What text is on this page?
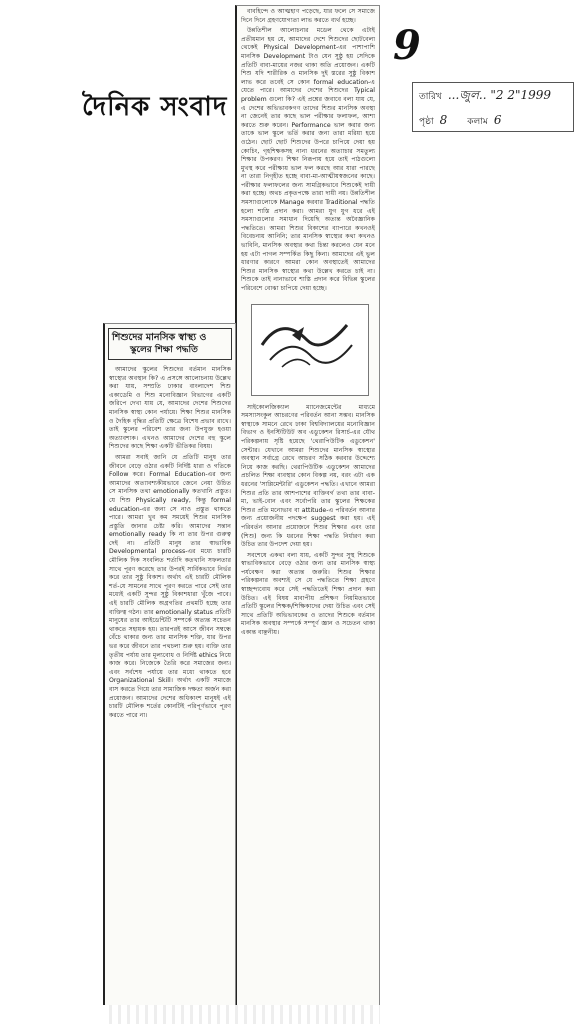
9
দৈনিক সংবাদ	তারিখ ...জুল.. "2 2"1999
পৃষ্ঠা 8 কলাম 6

বাবহিন্দে ও আত্মহাণ পড়েছে, যার ফলে সে সমাজে দিনে দিনে গ্রহণযোগ্যতা লাভ করতে ব্যর্থ হচ্ছে।

উন্নতিশীল আলোচনার মডেল থেকে এটাই প্রতীয়মান হয় যে, আমাদের দেশে শিশুদের ছোটবেলা থেকেই Physical Development-এর পাশাপাশি মানসিক Development টাও যেন সুষ্ঠু হয় সেদিকে প্রতিটি বাবা-মায়ের নজর থাকা অতি প্রয়োজন। একটি শিশু যদি শারীরিক ও মানসিক দুই স্তরের সুষ্ঠু বিকাশ লাভ করে তবেই সে কোন formal education-এ যেতে পারে। আমাদের দেশের শিশুদের Typical problem গুলো কি? এই প্রশ্নের জবাবে বলা যায় যে, এ দেশের অভিভাবকগণ তাদের শিশুর মানসিক অবস্থা না জেনেই তার কাছে ভাল পরীক্ষার ফলাফল, আশা করতে শুরু করেন। Performance ভাল করার জন্য তাকে ভাল স্কুলে ভর্তি করার জন্য তারা মরিয়া হয়ে ওঠেন। ছোট ছোট শিশুদের উপরে চাপিয়ে দেয়া হয় কোচিং, গৃহশিক্ষকসহ নানা ধরনের অত্যাচার সমতুল্য শিক্ষার উপকরণ। শিক্ষা নিরূপায় হয়ে তাই পাঠগুলো মুখস্থ করে পরীক্ষায় ভাল ফল করছে আর যারা পারছে না তারা নিগৃহীত হচ্ছে বাবা-মা-আত্মীয়স্বজনের কাছে। পরীক্ষার ফলাফলের জন্য সামগ্রিকভাবে শিশুকেই দায়ী করা হচ্ছে। অথচ প্রকৃতপক্ষে তারা দায়ী নয়। উন্নতিশীল সমস্যাগুলোকে Manage করবার Traditional পদ্ধতি হলো শাস্তি প্রদান করা। আমরা যুগ যুগ ধরে এই সমস্যাগুলোর সমাধান দিয়েছি অত্যন্ত অবৈজ্ঞানিক পদ্ধতিতে। আমরা শিশুর বিকাশের ব্যাপারে কখনওই বিবেচনায় আনিনি; তার মানসিক স্বাস্থ্যের কথা কখনও ভাবিনি, মানসিক অবস্থার কথা চিন্তা করলেও যেন মনে হয় এটা পাগল সম্পর্কিত কিছু কিনা। আমাদের এই ভুল ধারণার কারণে আমরা কোন অবস্থাতেই আমাদের শিশুর মানসিক স্বাস্থ্যের কথা উল্লেখ করতে চাই না। শিশুকে তাই নানাভাবে শাস্তি প্রদান করে বিভিন্ন স্কুলের পরিবেশে বোঝা চাপিয়ে দেয়া হচ্ছে।

সাইকোলজিক্যাল ম্যানেজমেন্টের মাধ্যমে সমস্যাসংকুল আচরণের পরিবর্তন আনা সম্ভব। মানসিক স্বাস্থ্যকে সামনে রেখে ঢাকা বিশ্ববিদ্যালয়ের মনোবিজ্ঞান বিভাগ ও ইনস্টিটিউট অব এডুকেশন রিসার্চ-এর যৌথ পরিকল্পনায় সৃষ্টি হয়েছে 'থেরাপিউটিক এডুকেশন' সেন্টার। যেখানে আমরা শিশুদের মানসিক স্বাস্থ্যের অবস্থান সর্বাগ্রে রেখে আচরণ সঠিক করবার উদ্দেশ্যে নিয়ে কাজ করছি। থেরাপিউটিক এডুকেশন আমাদের প্রচলিত শিক্ষা ব্যবস্থার কোন বিকল্প নয়, বরং এটা এক ধরনের 'সাপ্লিমেন্টারি' এডুকেশন পদ্ধতি। এখানে আমরা শিশুর প্রতি তার আশপাশের ব্যক্তিবর্গ তথা তার বাবা-মা, ভাই-বোন এবং সর্বোপরি তার স্কুলের শিক্ষকের শিশুর প্রতি মনোভাব বা attitude-এ পরিবর্তন আনার জন্য প্রয়োজনীয় পদক্ষেপ suggest করা হয়। এই পরিবর্তন আনার প্রয়োজনে শিশুর শিক্ষার এবং তার (শিশু) জন্য কি ধরনের শিক্ষা পদ্ধতি নির্ধারণ করা উচিত তার উপদেশ দেয়া হয়।

সবশেষে একথা বলা যায়, একটি সুন্দর সুস্থ শিশুকে স্বাভাবিকভাবে বেড়ে ওঠার জন্য তার মানসিক স্বাস্থ্য পর্যবেক্ষণ করা অত্যন্ত জরুরি। শিশুর শিক্ষার পরিকল্পনার অবশ্যই সে যে পদ্ধতিতে শিক্ষা গ্রহণে স্বাচ্ছন্দ্যবোধ করে সেই পদ্ধতিতেই শিক্ষা প্রদান করা উচিত। এই বিষয় মাবাপীয় প্রশিক্ষণ নিয়মিতভাবে প্রতিটি স্কুলের শিক্ষক/শিক্ষিকাদের দেয়া উচিত এবং সেই সাথে প্রতিটি অভিভাবকের ও তাদের শিশুকে বর্তমান মানসিক অবস্থার সম্পর্কে সম্পূর্ণ জ্ঞান ও সচেতন থাকা একান্ত বাঞ্ছনীয়।

শিশুদের মানসিক স্বাস্থ্য ও
স্কুলের শিক্ষা পদ্ধতি

আমাদের স্কুলের শিশুদের বর্তমান মানসিক স্বাস্থ্যের অবস্থান কি? এ প্রসঙ্গে আলোচনায় উল্লেখ করা যায়, সম্প্রতি ঢাকার বাংলাদেশ শিশু একাডেমি ও শিশু মনোবিজ্ঞান বিভাগের একটি জরিপে দেখা যায় যে, আমাদের দেশের শিশুদের মানসিক স্বাস্থ্য কোন পর্যায়ে। শিক্ষা শিশুর মানসিক ও দৈহিক বৃদ্ধির প্রতিটি ক্ষেত্রে বিশেষ প্রভাব রাখে। তাই স্কুলের পরিবেশ তার জন্য উপযুক্ত হওয়া অত্যাবশ্যক। এখনও আমাদের দেশের বহু স্কুলে শিশুদের কাছে শিক্ষা একটি ভীতিকর বিষয়।

আমরা সবাই জানি যে প্রতিটি মানুষ তার জীবনে বেড়ে ওঠার একটি নির্দিষ্ট ধারা ও গতিকে Follow করে। Formal Education-এর জন্য আমাদের অত্যাবশ্যকীয়ভাবে জেনে নেয়া উচিত সে মানসিক তথা emotionally কতখানি প্রস্তুত। যে শিশু Physically ready, কিন্তু formal education-এর জন্য সে নাও প্রস্তুত থাকতে পারে। আমরা খুব কম সময়েই শিশুর মানসিক প্রস্তুতি জানার চেষ্টা করি। আমাদের সন্তান emotionally ready কি না তার উপর গুরুত্ব দেই না। প্রতিটি মানুষ তার স্বাভাবিক Developmental process-এর মধ্যে চারটি মৌলিক দিক সংবলিত শর্তাদি কতখানি সফলতার সাথে পূরণ করেছে তার উপরই সার্বিকভাবে নির্ভর করে তার সুষ্ঠু বিকাশ। অর্থাৎ এই চারটি মৌলিক শর্ত-যে সামনের সাথে পূরণ করতে পারে সেই তার মধ্যেই একটি সুন্দর সুষ্ঠু বিকাশধারা খুঁজে পাবে। এই চারটি মৌলিক অগ্রগতির প্রথমটি হচ্ছে তার ব্যক্তিত্ব গঠন। তার emotionally status প্রতিটি মানুষের তার আইডেন্টিটি সম্পর্কে অত্যন্ত সচেতন থাকতে সহায়ক হয়। তারপরই আসে জীবন সম্বন্ধে বেঁচে থাকার জন্য তার মানসিক শক্তি, যার উপর ভর করে জীবনে তার পথচলা শুরু হয়। ব্যক্তি তার তৃতীয় পর্যায় তার মূল্যবোধ ও নির্দিষ্ট ethics নিয়ে কাজ করে। নিজেকে তৈরি করে সমাজের জন্য। এবং সর্বশেষ পর্যায়ে তার মধ্যে থাকতে হবে Organizational Skill। অর্থাৎ একটি সমাজে বাস করতে গিয়ে তার সামাজিক দক্ষতা অর্জন করা প্রয়োজন। আমাদের দেশের অধিকাংশ মানুষই এই চারটি মৌলিক শর্তের কোনটিই পরিপূর্ণভাবে পূরণ করতে পারে না।
